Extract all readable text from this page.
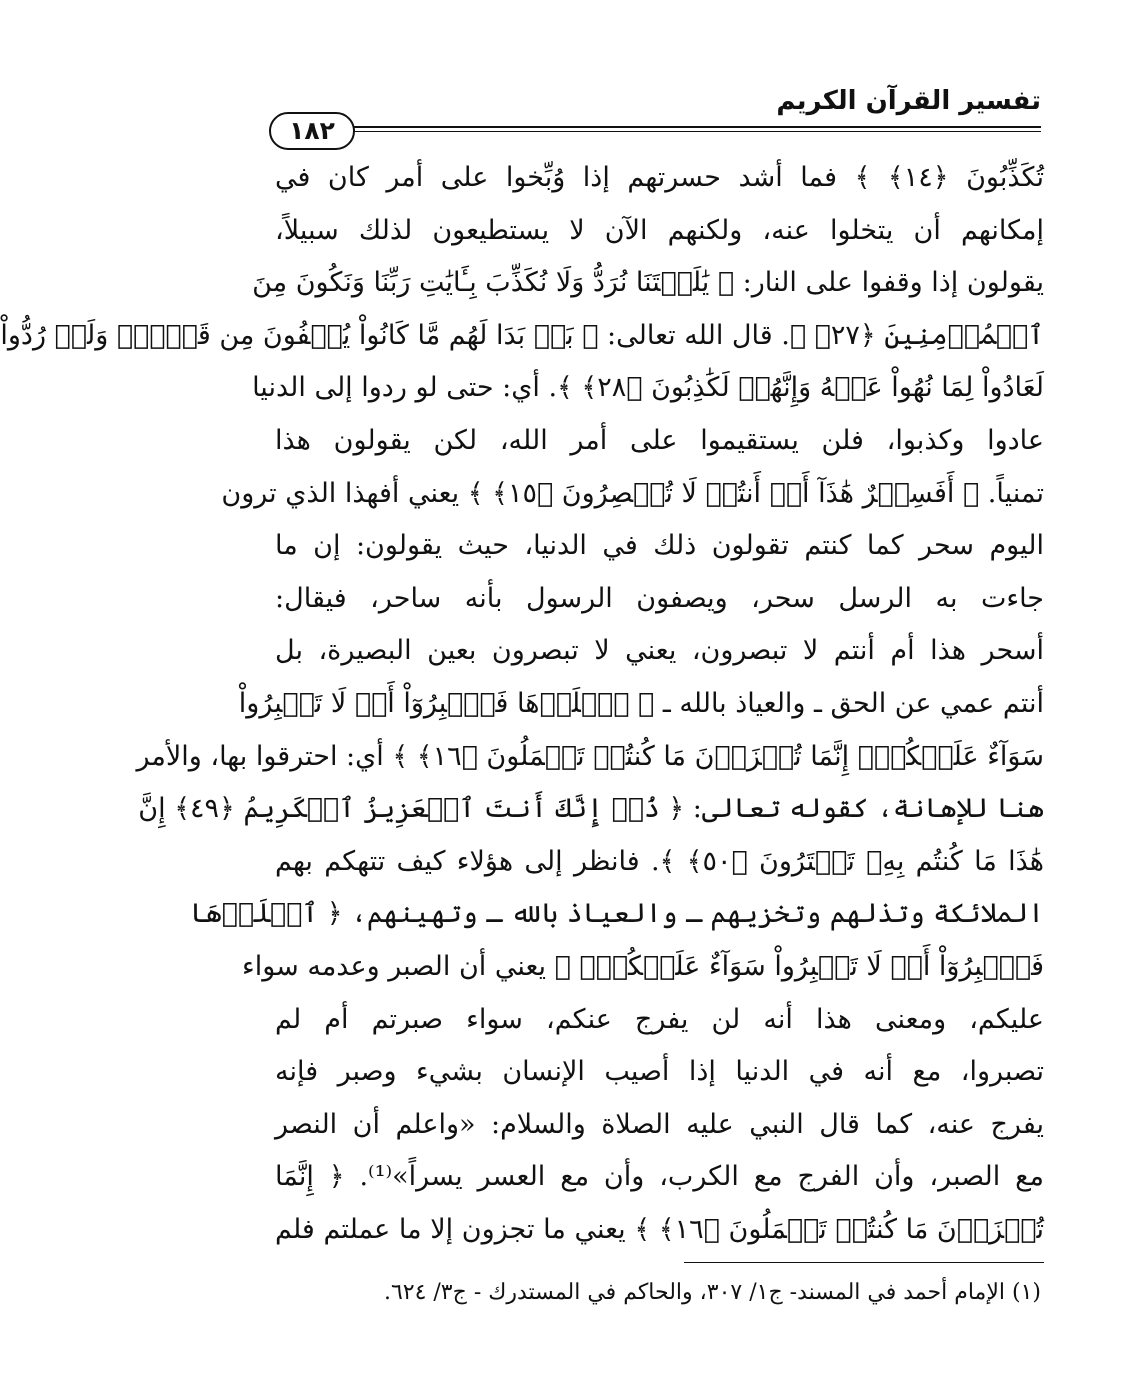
تفسير القرآن الكريم
١٨٢
تُكَذِّبُونَ ﴿١٤﴾ ﴾ فما أشد حسرتهم إذا وُبِّخوا على أمر كان في
إمكانهم أن يتخلوا عنه، ولكنهم الآن لا يستطيعون لذلك سبيلاً،
يقولون إذا وقفوا على النار: ﴿ يَٰلَيۡتَنَا نُرَدُّ وَلَا نُكَذِّبَ بِـَٔايَٰتِ رَبِّنَا وَنَكُونَ مِنَ
ٱلۡمُؤۡمِنِينَ ﴿٢٧﴾ ﴾. قال الله تعالى: ﴿ بَلۡ بَدَا لَهُم مَّا كَانُواْ يُخۡفُونَ مِن قَبۡلُۖ وَلَوۡ رُدُّواْ
لَعَادُواْ لِمَا نُهُواْ عَنۡهُ وَإِنَّهُمۡ لَكَٰذِبُونَ ﴿٢٨﴾ ﴾. أي: حتى لو ردوا إلى الدنيا
عادوا وكذبوا، فلن يستقيموا على أمر الله، لكن يقولون هذا
تمنياً. ﴿ أَفَسِحۡرٌ هَٰذَآ أَمۡ أَنتُمۡ لَا تُبۡصِرُونَ ﴿١٥﴾ ﴾ يعني أفهذا الذي ترون
اليوم سحر كما كنتم تقولون ذلك في الدنيا، حيث يقولون: إن ما
جاءت به الرسل سحر، ويصفون الرسول بأنه ساحر، فيقال:
أسحر هذا أم أنتم لا تبصرون، يعني لا تبصرون بعين البصيرة، بل
أنتم عمي عن الحق ـ والعياذ بالله ـ ﴿ ٱصۡلَوۡهَا فَٱصۡبِرُوٓاْ أَوۡ لَا تَصۡبِرُواْ
سَوَآءٌ عَلَيۡكُمۡۖ إِنَّمَا تُجۡزَوۡنَ مَا كُنتُمۡ تَعۡمَلُونَ ﴿١٦﴾ ﴾ أي: احترقوا بها، والأمر
هنا للإهانة، كقوله تعالى: ﴿ ذُقۡ إِنَّكَ أَنتَ ٱلۡعَزِيزُ ٱلۡكَرِيمُ ﴿٤٩﴾ إِنَّ
هَٰذَا مَا كُنتُم بِهِۦ تَمۡتَرُونَ ﴿٥٠﴾ ﴾. فانظر إلى هؤلاء كيف تتهكم بهم
الملائكة وتذلهم وتخزيهم ـ والعياذ بالله ـ وتهينهم، ﴿ ٱصۡلَوۡهَا
فَٱصۡبِرُوٓاْ أَوۡ لَا تَصۡبِرُواْ سَوَآءٌ عَلَيۡكُمۡۖ ﴾ يعني أن الصبر وعدمه سواء
عليكم، ومعنى هذا أنه لن يفرج عنكم، سواء صبرتم أم لم
تصبروا، مع أنه في الدنيا إذا أصيب الإنسان بشيء وصبر فإنه
يفرج عنه، كما قال النبي عليه الصلاة والسلام: «واعلم أن النصر
مع الصبر، وأن الفرج مع الكرب، وأن مع العسر يسراً»⁽¹⁾. ﴿ إِنَّمَا
تُجۡزَوۡنَ مَا كُنتُمۡ تَعۡمَلُونَ ﴿١٦﴾ ﴾ يعني ما تجزون إلا ما عملتم فلم
(١) الإمام أحمد في المسند- ج١/ ٣٠٧، والحاكم في المستدرك - ج٣/ ٦٢٤.
